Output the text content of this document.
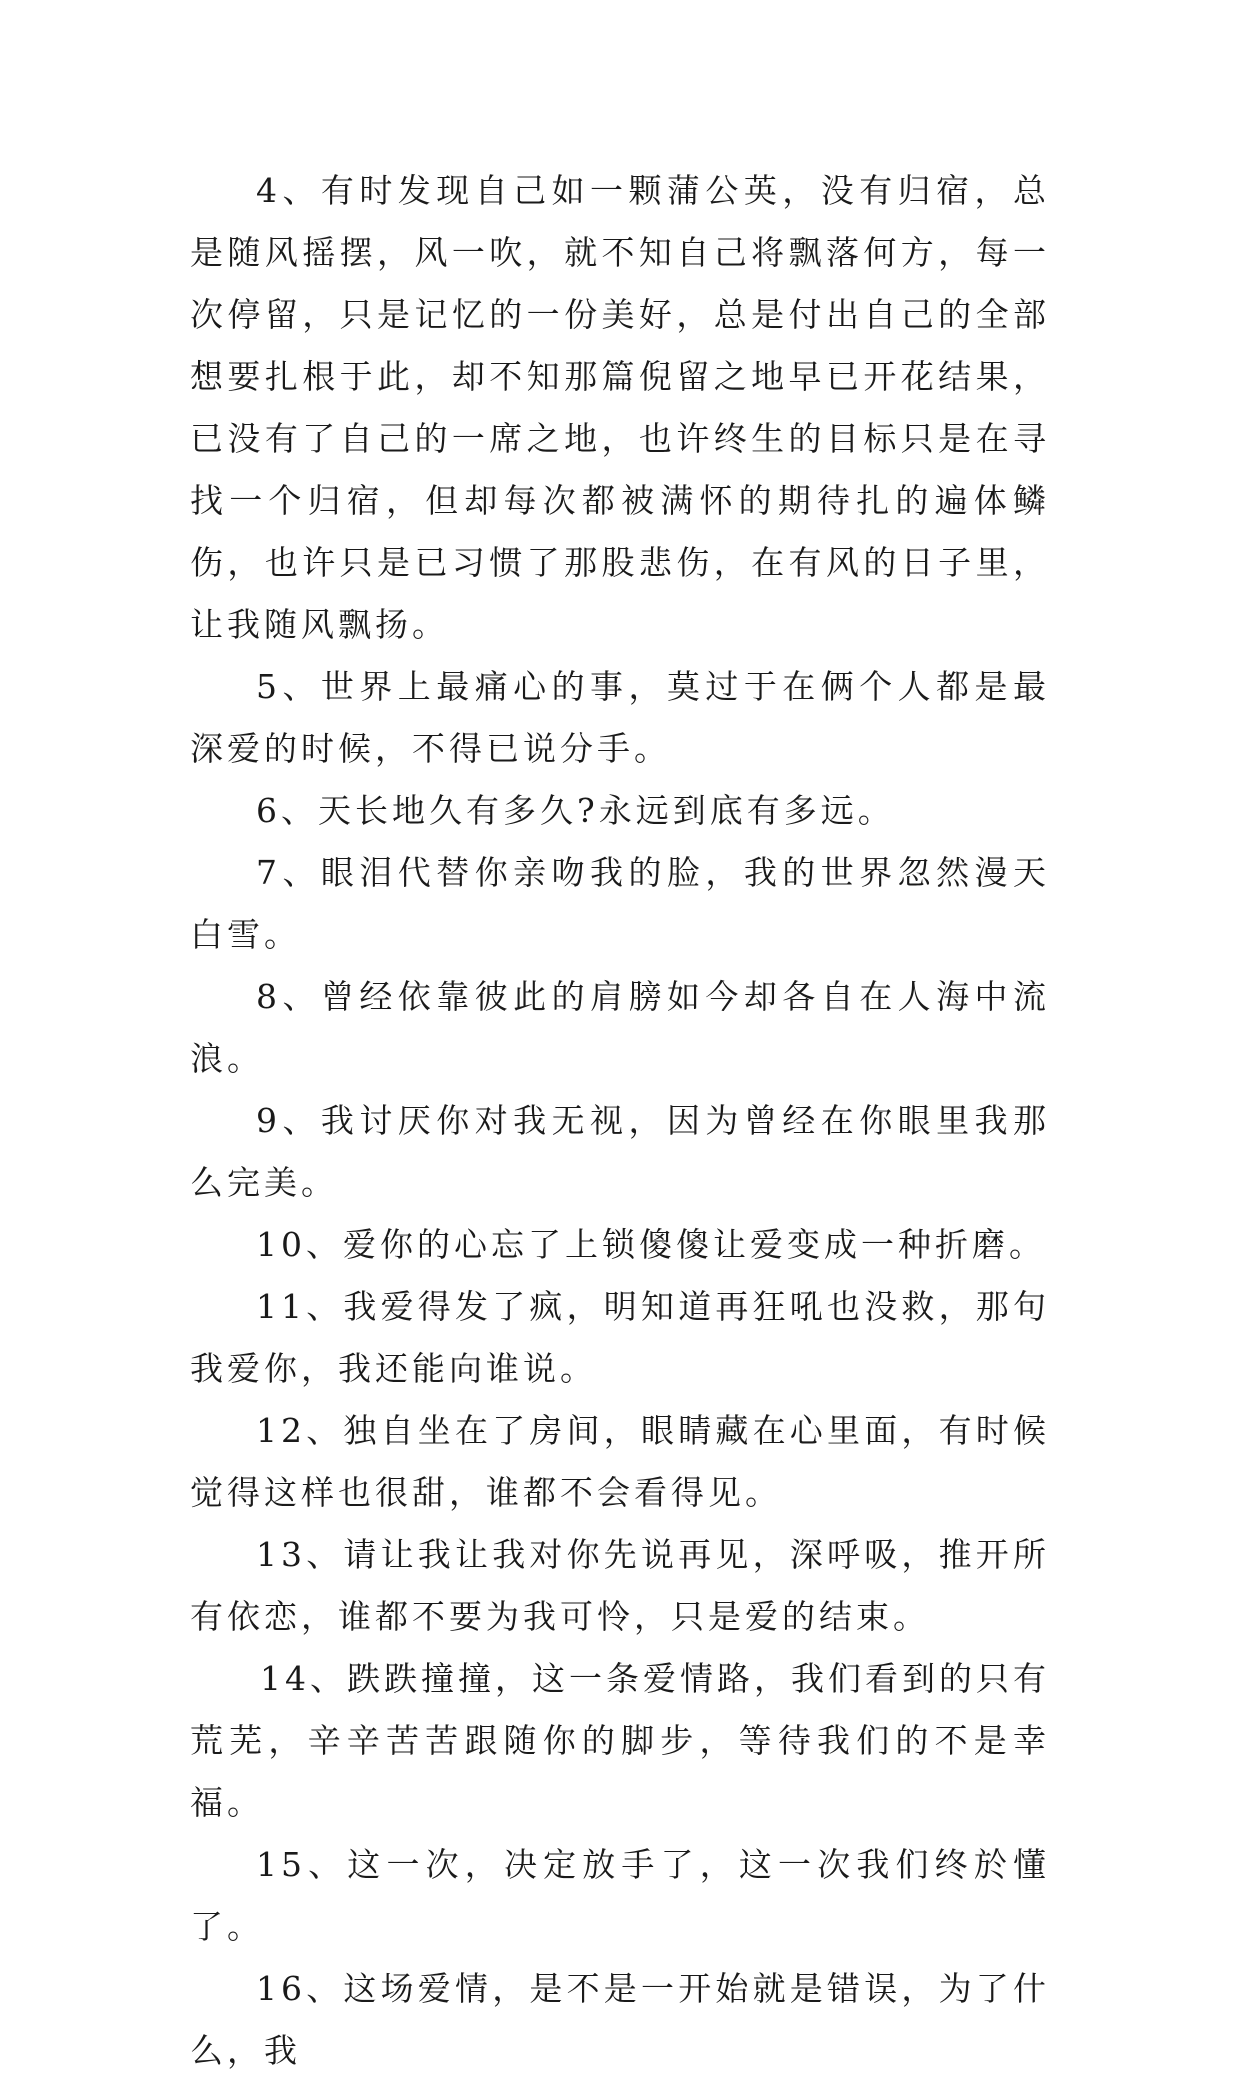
4、有时发现自己如一颗蒲公英，没有归宿，总是随风摇摆，风一吹，就不知自己将飘落何方，每一次停留，只是记忆的一份美好，总是付出自己的全部想要扎根于此，却不知那篇倪留之地早已开花结果，已没有了自己的一席之地，也许终生的目标只是在寻找一个归宿，但却每次都被满怀的期待扎的遍体鳞伤，也许只是已习惯了那股悲伤，在有风的日子里，让我随风飘扬。

5、世界上最痛心的事，莫过于在俩个人都是最深爱的时候，不得已说分手。

6、天长地久有多久?永远到底有多远。

7、眼泪代替你亲吻我的脸，我的世界忽然漫天白雪。

8、曾经依靠彼此的肩膀如今却各自在人海中流浪。

9、我讨厌你对我无视，因为曾经在你眼里我那么完美。

10、爱你的心忘了上锁傻傻让爱变成一种折磨。

11、我爱得发了疯，明知道再狂吼也没救，那句我爱你，我还能向谁说。

12、独自坐在了房间，眼睛藏在心里面，有时候觉得这样也很甜，谁都不会看得见。

13、请让我让我对你先说再见，深呼吸，推开所有依恋，谁都不要为我可怜，只是爱的结束。

14、跌跌撞撞，这一条爱情路，我们看到的只有荒芜，辛辛苦苦跟随你的脚步，等待我们的不是幸福。

15、这一次，决定放手了，这一次我们终於懂了。

16、这场爱情，是不是一开始就是错误，为了什么，我
